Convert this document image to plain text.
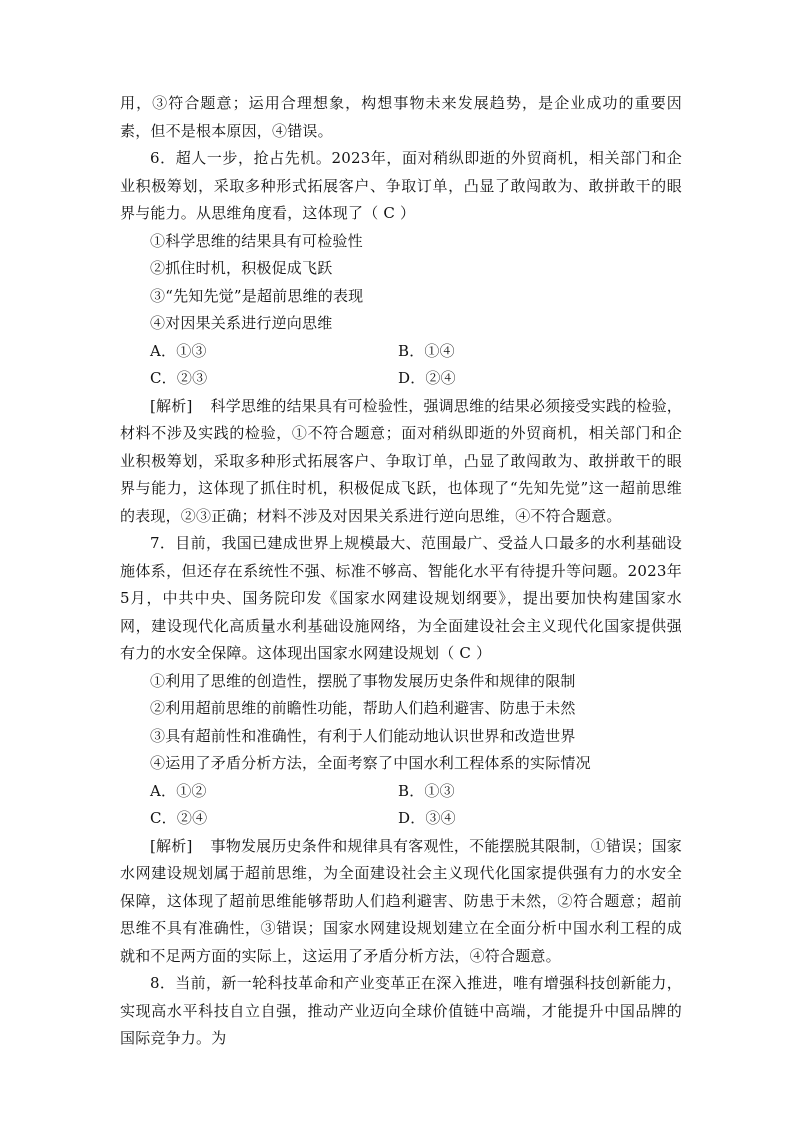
用，③符合题意；运用合理想象，构想事物未来发展趋势，是企业成功的重要因素，但不是根本原因，④错误。

6．超人一步，抢占先机。2023年，面对稍纵即逝的外贸商机，相关部门和企业积极筹划，采取多种形式拓展客户、争取订单，凸显了敢闯敢为、敢拼敢干的眼界与能力。从思维角度看，这体现了（ C ）

①科学思维的结果具有可检验性

②抓住时机，积极促成飞跃

③“先知先觉”是超前思维的表现

④对因果关系进行逆向思维

A．①③	B．①④
C．②③	D．②④

[解析] 科学思维的结果具有可检验性，强调思维的结果必须接受实践的检验，材料不涉及实践的检验，①不符合题意；面对稍纵即逝的外贸商机，相关部门和企业积极筹划，采取多种形式拓展客户、争取订单，凸显了敢闯敢为、敢拼敢干的眼界与能力，这体现了抓住时机，积极促成飞跃，也体现了“先知先觉”这一超前思维的表现，②③正确；材料不涉及对因果关系进行逆向思维，④不符合题意。

7．目前，我国已建成世界上规模最大、范围最广、受益人口最多的水利基础设施体系，但还存在系统性不强、标准不够高、智能化水平有待提升等问题。2023年5月，中共中央、国务院印发《国家水网建设规划纲要》，提出要加快构建国家水网，建设现代化高质量水利基础设施网络，为全面建设社会主义现代化国家提供强有力的水安全保障。这体现出国家水网建设规划（ C ）

①利用了思维的创造性，摆脱了事物发展历史条件和规律的限制

②利用超前思维的前瞻性功能，帮助人们趋利避害、防患于未然

③具有超前性和准确性，有利于人们能动地认识世界和改造世界

④运用了矛盾分析方法，全面考察了中国水利工程体系的实际情况

A．①②	B．①③
C．②④	D．③④

[解析] 事物发展历史条件和规律具有客观性，不能摆脱其限制，①错误；国家水网建设规划属于超前思维，为全面建设社会主义现代化国家提供强有力的水安全保障，这体现了超前思维能够帮助人们趋利避害、防患于未然，②符合题意；超前思维不具有准确性，③错误；国家水网建设规划建立在全面分析中国水利工程的成就和不足两方面的实际上，这运用了矛盾分析方法，④符合题意。

8．当前，新一轮科技革命和产业变革正在深入推进，唯有增强科技创新能力，实现高水平科技自立自强，推动产业迈向全球价值链中高端，才能提升中国品牌的国际竞争力。为
